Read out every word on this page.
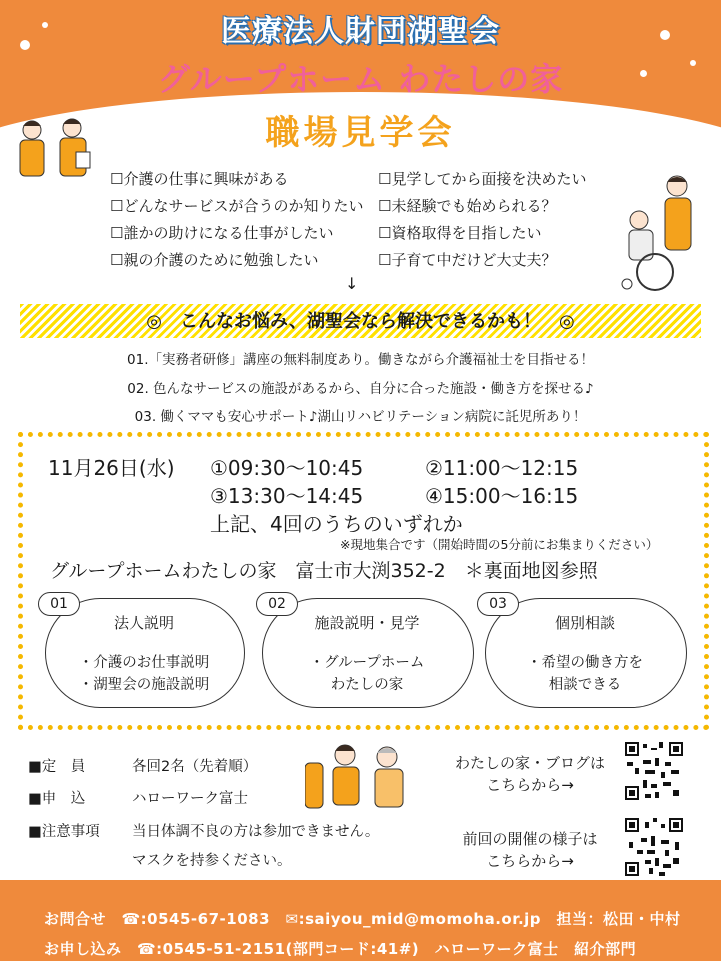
医療法人財団湖聖会
グループホーム わたしの家
職場見学会
☐介護の仕事に興味がある
☐どんなサービスが合うのか知りたい
☐誰かの助けになる仕事がしたい
☐親の介護のために勉強したい
☐見学してから面接を決めたい
☐未経験でも始められる？
☐資格取得を目指したい
☐子育て中だけど大丈夫？
↓
◎　こんなお悩み、湖聖会なら解決できるかも！　◎
01.「実務者研修」講座の無料制度あり。働きながら介護福祉士を目指せる！
02. 色んなサービスの施設があるから、自分に合った施設・働き方を探せる♪
03. 働くママも安心サポート♪湖山リハビリテーション病院に託児所あり！
11月26日(水) ①09:30～10:45	②11:00～12:15
③13:30～14:45	④15:00～16:15
上記、4回のうちのいずれか
※現地集合です（開始時間の5分前にお集まりください）
グループホームわたしの家　富士市大渕352-2　＊裏面地図参照
01
法人説明
・介護のお仕事説明
・湖聖会の施設説明
02
施設説明・見学
・グループホーム
わたしの家
03
個別相談
・希望の働き方を
相談できる
■定　員	各回2名（先着順）
■申　込	ハローワーク富士
■注意事項 当日体調不良の方は参加できません。
マスクを持参ください。
わたしの家・ブログは
こちらから→
前回の開催の様子は
こちらから→
お問合せ　☎:0545-67-1083　✉:saiyou_mid@momoha.or.jp　担当：松田・中村
お申し込み　☎:0545-51-2151(部門コード:41#)　ハローワーク富士　紹介部門
